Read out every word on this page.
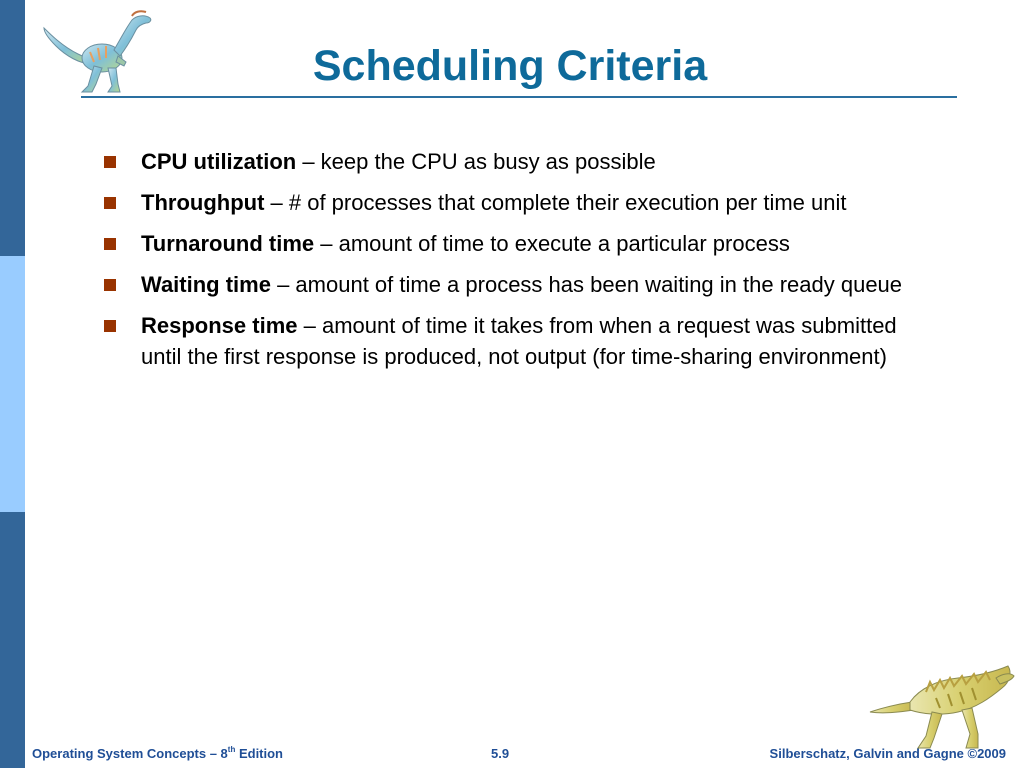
Scheduling Criteria
CPU utilization – keep the CPU as busy as possible
Throughput – # of processes that complete their execution per time unit
Turnaround time – amount of time to execute a particular process
Waiting time – amount of time a process has been waiting in the ready queue
Response time – amount of time it takes from when a request was submitted until the first response is produced, not output (for time-sharing environment)
Operating System Concepts – 8th Edition	5.9	Silberschatz, Galvin and Gagne ©2009
